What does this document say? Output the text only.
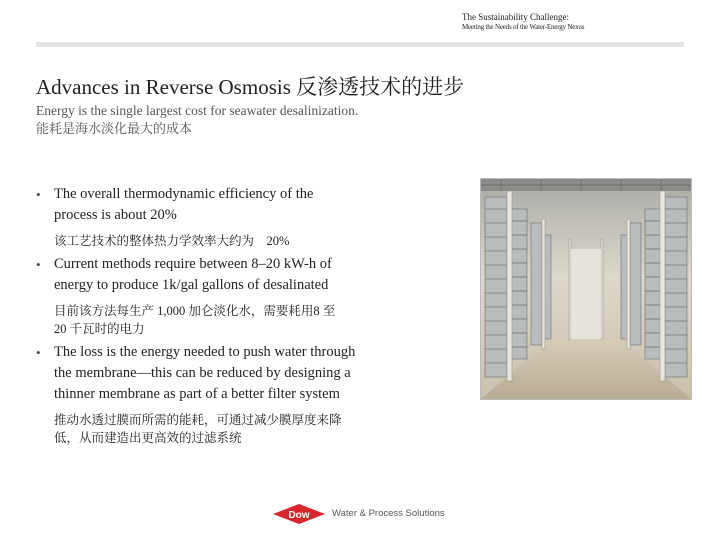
The Sustainability Challenge:
Meeting the Needs of the Water-Energy Nexus
Advances in Reverse Osmosis 反渗透技术的进步
Energy is the single largest cost for seawater desalinization.
能耗是海水淡化最大的成本
• The overall thermodynamic efficiency of the
process is about 20%
该工艺技术的整体热力学效率大约为　20%
• Current methods require between 8–20 kW-h of
energy to produce 1k/gal gallons of desalinated
目前该方法每生产 1,000 加仑淡化水，需要耗用8 至
20 千瓦时的电力
• The loss is the energy needed to push water through
the membrane—this can be reduced by designing a
thinner membrane as part of a better filter system
推动水透过膜而所需的能耗，可通过减少膜厚度来降
低，从而建造出更高效的过滤系统
Dow Water & Process Solutions
